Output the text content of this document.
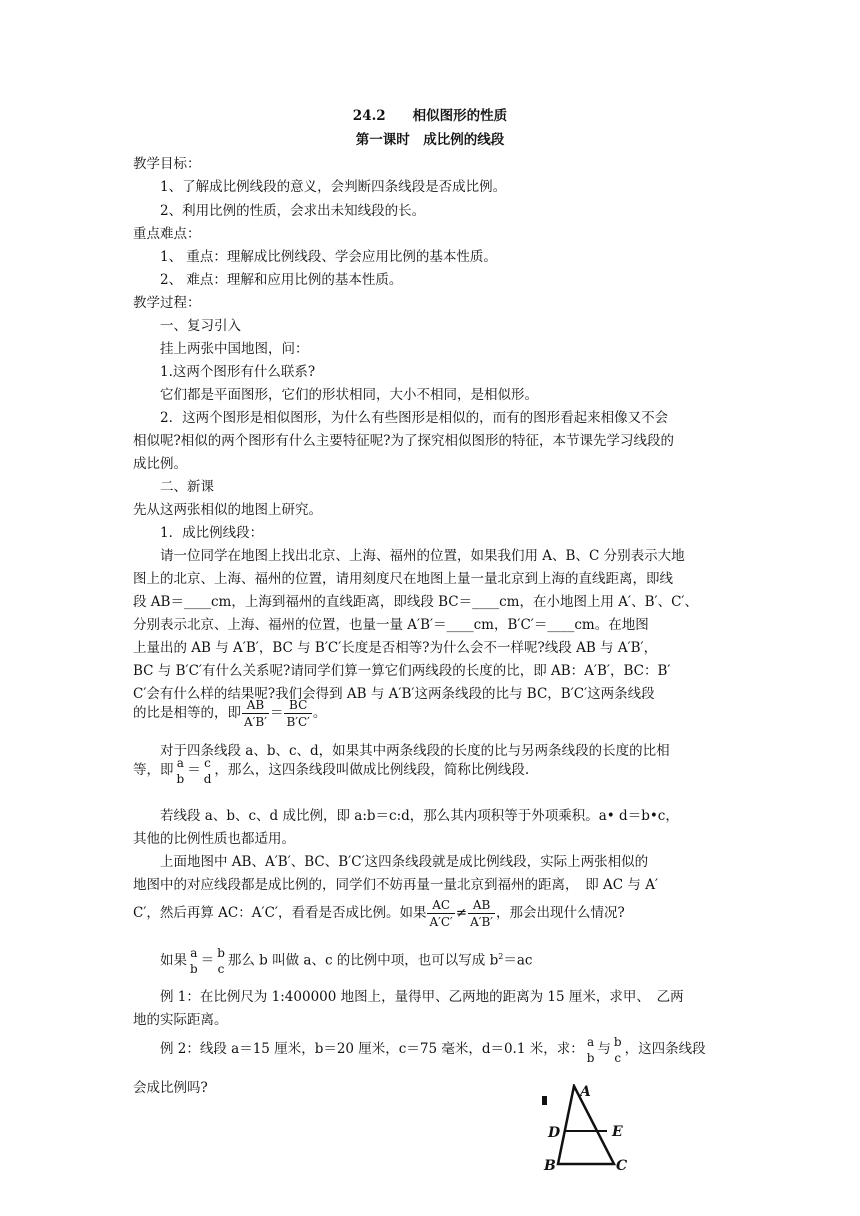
24.2　　相似图形的性质
第一课时　成比例的线段
教学目标：
1、了解成比例线段的意义，会判断四条线段是否成比例。
2、利用比例的性质，会求出未知线段的长。
重点难点：
1、 重点：理解成比例线段、学会应用比例的基本性质。
2、 难点：理解和应用比例的基本性质。
教学过程：
一、复习引入
挂上两张中国地图，问：
1.这两个图形有什么联系?
它们都是平面图形，它们的形状相同，大小不相同，是相似形。
2．这两个图形是相似图形，为什么有些图形是相似的，而有的图形看起来相像又不会
相似呢?相似的两个图形有什么主要特征呢?为了探究相似图形的特征，本节课先学习线段的
成比例。
二、新课
先从这两张相似的地图上研究。
1．成比例线段：
请一位同学在地图上找出北京、上海、福州的位置，如果我们用 A、B、C 分别表示大地
图上的北京、上海、福州的位置，请用刻度尺在地图上量一量北京到上海的直线距离，即线
段 AB＝____cm，上海到福州的直线距离，即线段 BC＝____cm，在小地图上用 A′、B′、C′、
分别表示北京、上海、福州的位置，也量一量 A′B′＝____cm，B′C′＝____cm。在地图
上量出的 AB 与 A′B′，BC 与 B′C′长度是否相等?为什么会不一样呢?线段 AB 与 A′B′，
BC 与 B′C′有什么关系呢?请同学们算一算它们两线段的长度的比，即 AB：A′B′，BC：B′
C′会有什么样的结果呢?我们会得到 AB 与 A′B′这两条线段的比与 BC，B′C′这两条线段
的比是相等的，即 $\frac{AB}{A'B'} = \frac{BC}{B'C'}$ 。
对于四条线段 a、b、c、d，如果其中两条线段的长度的比与另两条线段的长度的比相
等，即 a
b
＝ c
d
，那么，这四条线段叫做成比例线段，简称比例线段.
若线段 a、b、c、d 成比例，即 a:b＝c:d，那么其内项积等于外项乘积。a• d＝b•c，
其他的比例性质也都适用。
上面地图中 AB、A′B′、BC、B′C′这四条线段就是成比例线段，实际上两张相似的
地图中的对应线段都是成比例的，同学们不妨再量一量北京到福州的距离，　即 AC 与 A′
C′，然后再算 AC：A′C′，看看是否成比例。如果 $\frac{AC}{A'C'} \ne \frac{AB}{A'B'}$ ，那会出现什么情况?
如果 a
b
＝ b
c
那么 b 叫做 a、c 的比例中项，也可以写成 $b^2=ac$
例 1：在比例尺为 1:400000 地图上，量得甲、乙两地的距离为 15 厘米，求甲、　乙两
地的实际距离。
例 2：线段 a＝15 厘米，b＝20 厘米，c＝75 毫米，d＝0.1 米，求： a
b
与 b
c
，这四条线段
会成比例吗?	A
D	E
B	C
